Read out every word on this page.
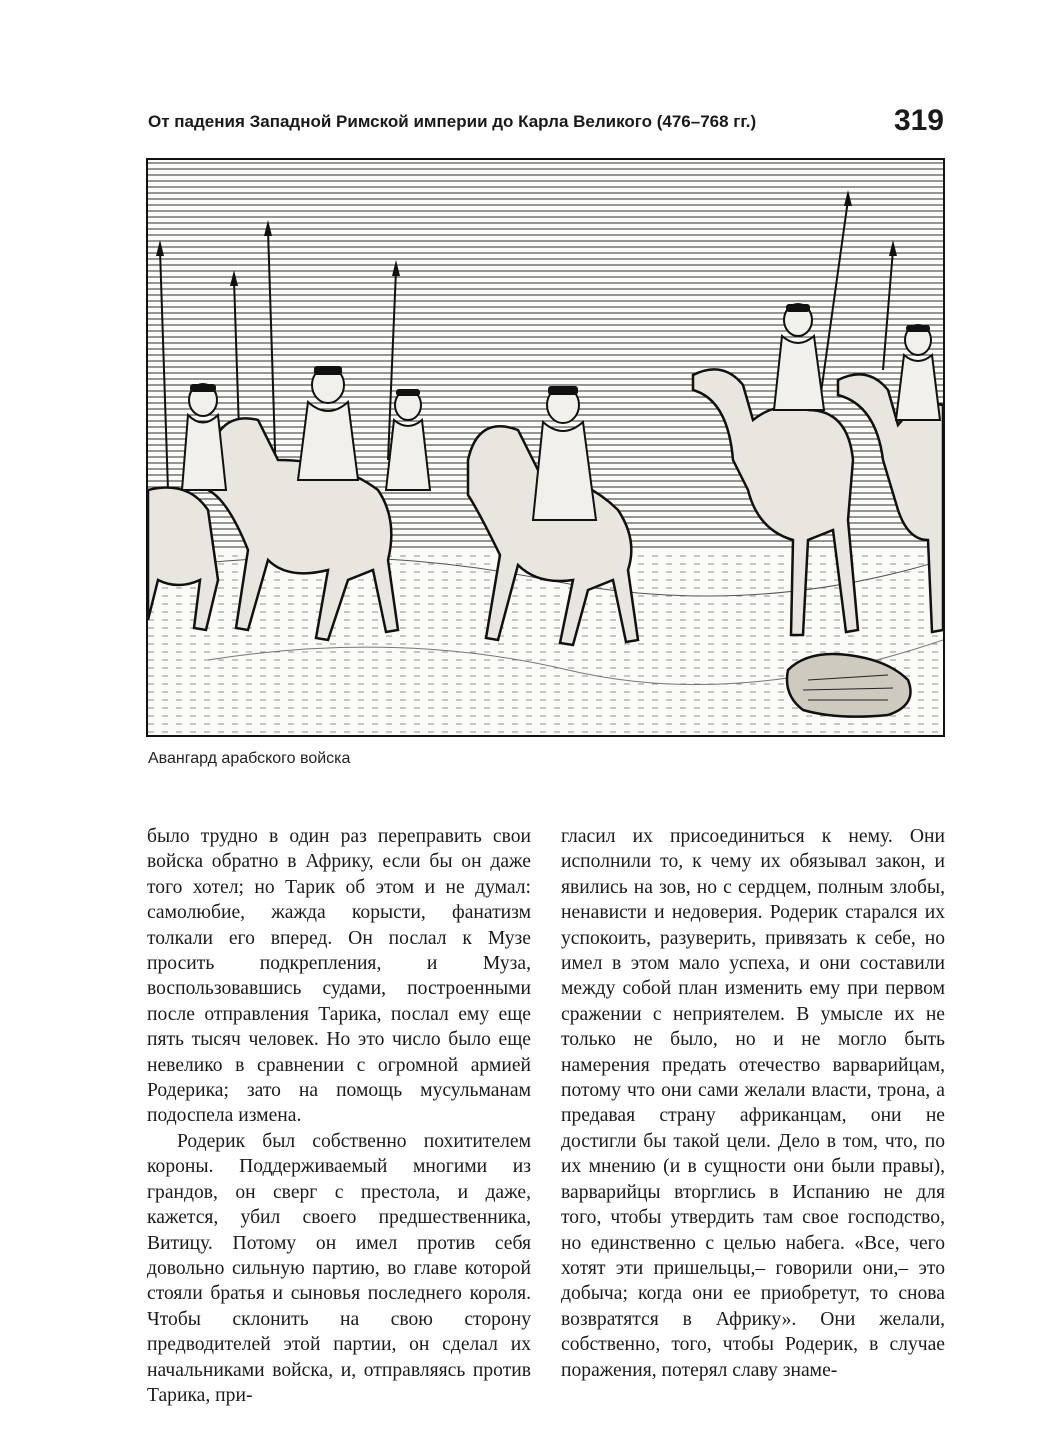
От падения Западной Римской империи до Карла Великого (476–768 гг.)	319
Авангард арабского войска

было трудно в один раз переправить свои войска обратно в Африку, если бы он даже того хотел; но Тарик об этом и не думал: самолюбие, жажда корысти, фанатизм толкали его вперед. Он послал к Музе просить подкрепления, и Муза, воспользовавшись судами, построенными после отправления Тарика, послал ему еще пять тысяч человек. Но это число было еще невелико в сравнении с огромной армией Родерика; зато на помощь мусульманам подоспела измена.

Родерик был собственно похитителем короны. Поддерживаемый многими из грандов, он сверг с престола, и даже, кажется, убил своего предшественника, Витицу. Потому он имел против себя довольно сильную партию, во главе которой стояли братья и сыновья последнего короля. Чтобы склонить на свою сторону предводителей этой партии, он сделал их начальниками войска, и, отправляясь против Тарика, при-

гласил их присоединиться к нему. Они исполнили то, к чему их обязывал закон, и явились на зов, но с сердцем, полным злобы, ненависти и недоверия. Родерик старался их успокоить, разуверить, привязать к себе, но имел в этом мало успеха, и они составили между собой план изменить ему при первом сражении с неприятелем. В умысле их не только не было, но и не могло быть намерения предать отечество варварийцам, потому что они сами желали власти, трона, а предавая страну африканцам, они не достигли бы такой цели. Дело в том, что, по их мнению (и в сущности они были правы), варварийцы вторглись в Испанию не для того, чтобы утвердить там свое господство, но единственно с целью набега. «Все, чего хотят эти пришельцы,– говорили они,– это добыча; когда они ее приобретут, то снова возвратятся в Африку». Они желали, собственно, того, чтобы Родерик, в случае поражения, потерял славу знаме-
